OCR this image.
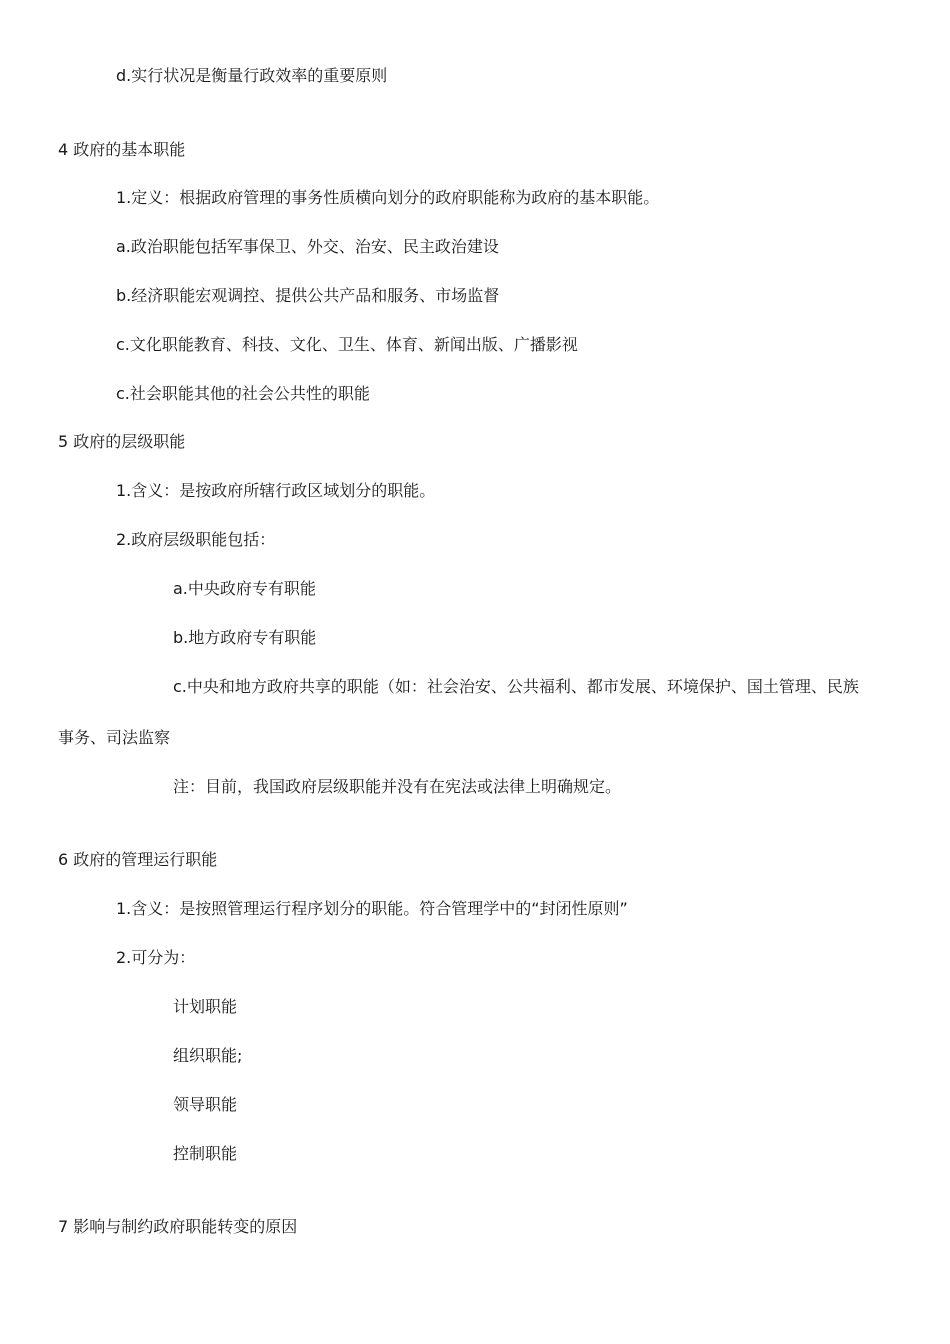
d.实行状况是衡量行政效率的重要原则
4 政府的基本职能
1.定义：根据政府管理的事务性质横向划分的政府职能称为政府的基本职能。
a.政治职能包括军事保卫、外交、治安、民主政治建设
b.经济职能宏观调控、提供公共产品和服务、市场监督
c.文化职能教育、科技、文化、卫生、体育、新闻出版、广播影视
c.社会职能其他的社会公共性的职能
5 政府的层级职能
1.含义：是按政府所辖行政区域划分的职能。
2.政府层级职能包括：
a.中央政府专有职能
b.地方政府专有职能
c.中央和地方政府共享的职能（如：社会治安、公共福利、都市发展、环境保护、国土管理、民族
事务、司法监察
注：目前，我国政府层级职能并没有在宪法或法律上明确规定。
6 政府的管理运行职能
1.含义：是按照管理运行程序划分的职能。符合管理学中的“封闭性原则”
2.可分为：
计划职能
组织职能;
领导职能
控制职能
7 影响与制约政府职能转变的原因
